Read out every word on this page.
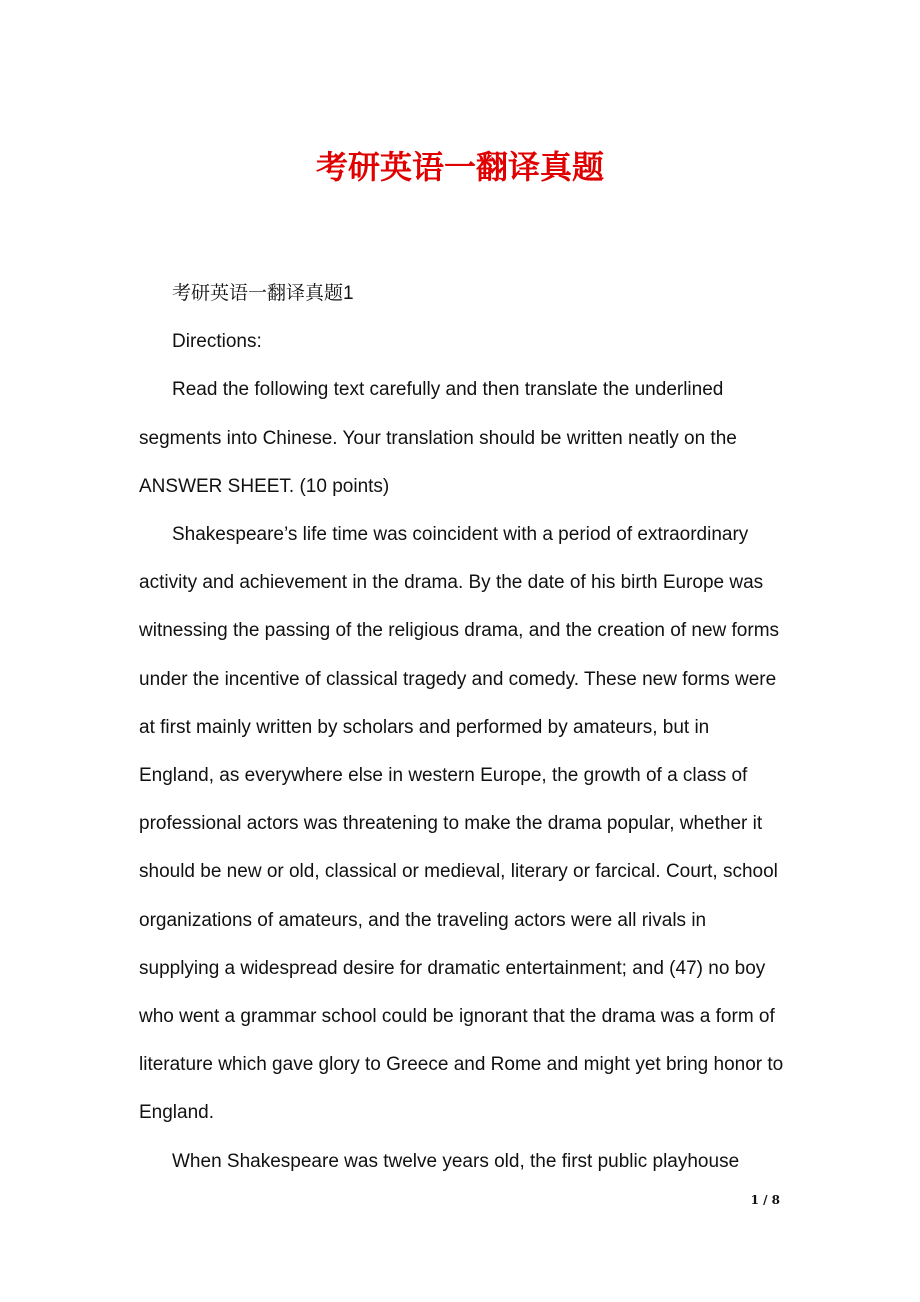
考研英语一翻译真题

考研英语一翻译真题1

Directions:

Read the following text carefully and then translate the underlined segments into Chinese. Your translation should be written neatly on the ANSWER SHEET. (10 points)

Shakespeare’s life time was coincident with a period of extraordinary activity and achievement in the drama. By the date of his birth Europe was witnessing the passing of the religious drama, and the creation of new forms under the incentive of classical tragedy and comedy. These new forms were at first mainly written by scholars and performed by amateurs, but in England, as everywhere else in western Europe, the growth of a class of professional actors was threatening to make the drama popular, whether it should be new or old, classical or medieval, literary or farcical. Court, school organizations of amateurs, and the traveling actors were all rivals in supplying a widespread desire for dramatic entertainment; and (47) no boy who went a grammar school could be ignorant that the drama was a form of literature which gave glory to Greece and Rome and might yet bring honor to England.

When Shakespeare was twelve years old, the first public playhouse

1 / 8
